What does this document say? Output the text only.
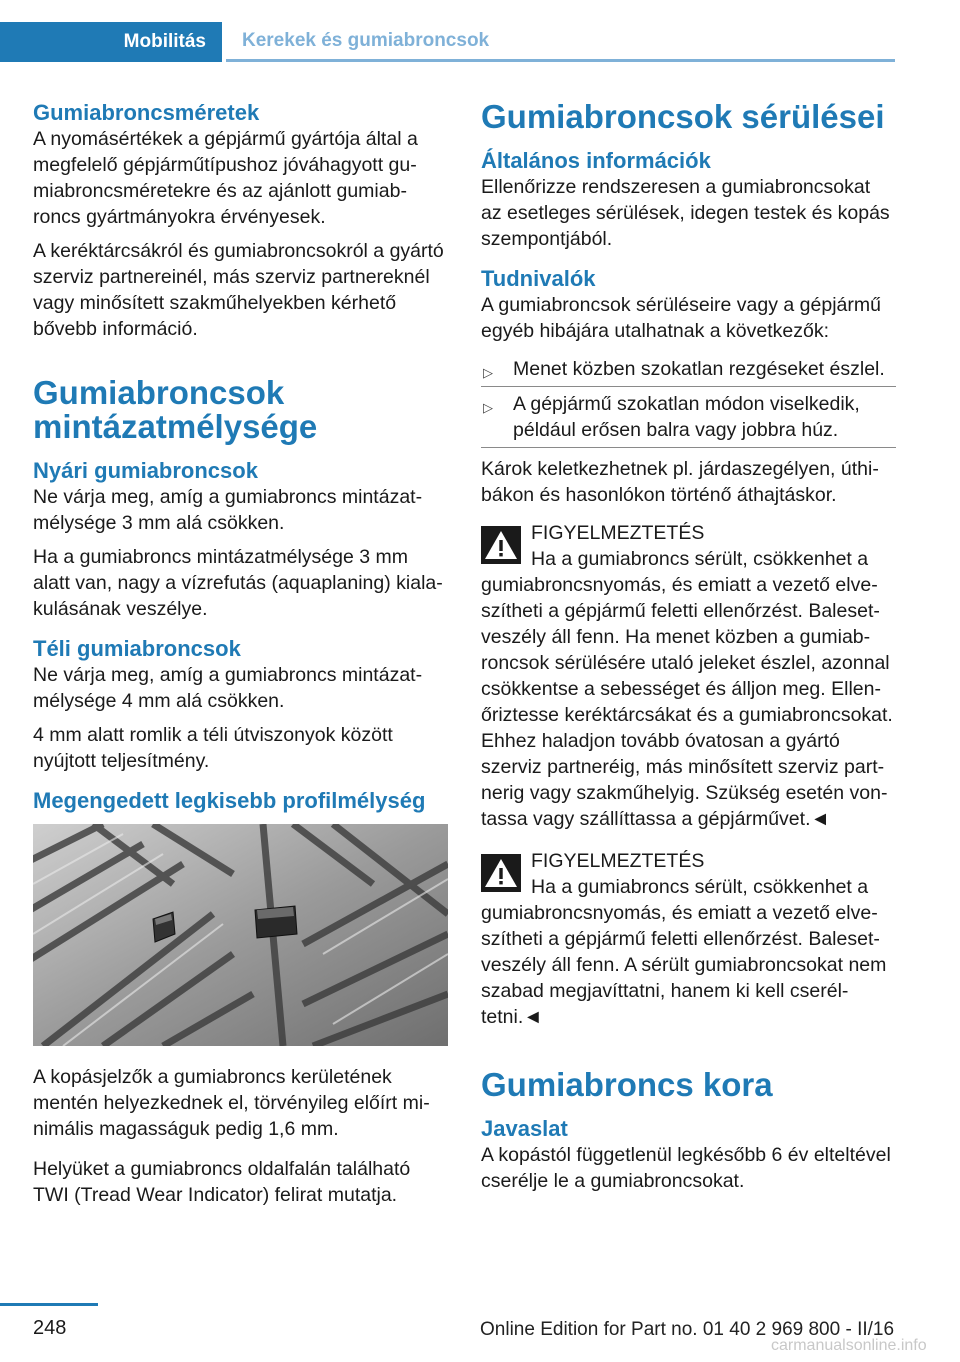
Mobilitás	Kerekek és gumiabroncsok
Gumiabroncsméretek

A nyomásértékek a gépjármű gyártója által a megfelelő gépjárműtípushoz jóváhagyott gumiabroncsméretekre és az ajánlott gumiabroncs gyártmányokra érvényesek.

A keréktárcsákról és gumiabroncsokról a gyártó szerviz partnereinél, más szerviz partnereknél vagy minősített szakműhelyekben kérhető bővebb információ.

Gumiabroncsok mintázatmélysége
Nyári gumiabroncsok

Ne várja meg, amíg a gumiabroncs mintázatmélysége 3 mm alá csökken.

Ha a gumiabroncs mintázatmélysége 3 mm alatt van, nagy a vízrefutás (aquaplaning) kialakulásának veszélye.

Téli gumiabroncsok

Ne várja meg, amíg a gumiabroncs mintázatmélysége 4 mm alá csökken.

4 mm alatt romlik a téli útviszonyok között nyújtott teljesítmény.

Megengedett legkisebb profilmélység

A kopásjelzők a gumiabroncs kerületének mentén helyezkednek el, törvényileg előírt minimális magasságuk pedig 1,6 mm.

Helyüket a gumiabroncs oldalfalán található TWI (Tread Wear Indicator) felirat mutatja.

Gumiabroncsok sérülései
Általános információk

Ellenőrizze rendszeresen a gumiabroncsokat az esetleges sérülések, idegen testek és kopás szempontjából.

Tudnivalók

A gumiabroncsok sérüléseire vagy a gépjármű egyéb hibájára utalhatnak a következők:

▷ Menet közben szokatlan rezgéseket észlel.
▷ A gépjármű szokatlan módon viselkedik, például erősen balra vagy jobbra húz.

Károk keletkezhetnek pl. járdaszegélyen, úthibákon és hasonlókon történő áthajtáskor.

FIGYELMEZTETÉS

Ha a gumiabroncs sérült, csökkenhet a gumiabroncsnyomás, és emiatt a vezető elveszítheti a gépjármű feletti ellenőrzést. Balesetveszély áll fenn. Ha menet közben a gumiabroncsok sérülésére utaló jeleket észlel, azonnal csökkentse a sebességet és álljon meg. Ellenőriztesse keréktárcsákat és a gumiabroncsokat. Ehhez haladjon tovább óvatosan a gyártó szerviz partneréig, más minősített szerviz partnerig vagy szakműhelyig. Szükség esetén vontassa vagy szállíttassa a gépjárművet.◄

FIGYELMEZTETÉS

Ha a gumiabroncs sérült, csökkenhet a gumiabroncsnyomás, és emiatt a vezető elveszítheti a gépjármű feletti ellenőrzést. Balesetveszély áll fenn. A sérült gumiabroncsokat nem szabad megjavíttatni, hanem ki kell cseréltetni.◄

Gumiabroncs kora
Javaslat

A kopástól függetlenül legkésőbb 6 év elteltével cserélje le a gumiabroncsokat.

248	Online Edition for Part no. 01 40 2 969 800 - II/16
carmanualsonline.info
